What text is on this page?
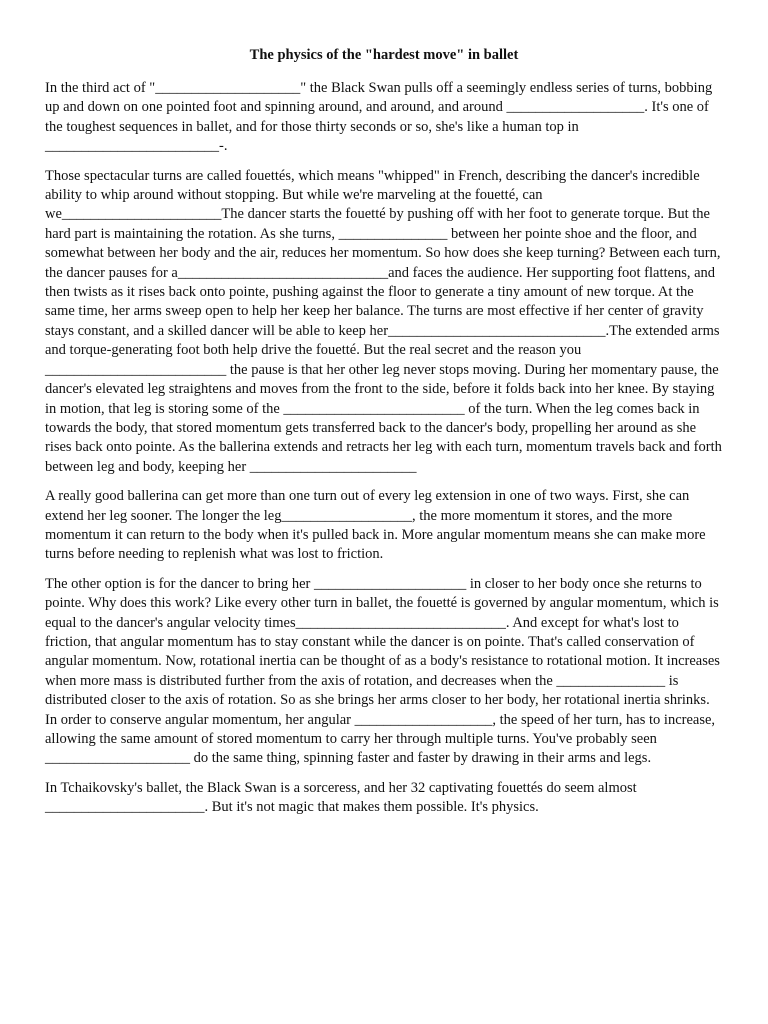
The physics of the "hardest move" in ballet

In the third act of "____________________" the Black Swan pulls off a seemingly endless series of turns, bobbing up and down on one pointed foot and spinning around, and around, and around ___________________. It's one of the toughest sequences in ballet, and for those thirty seconds or so, she's like a human top in ________________________-.

Those spectacular turns are called fouettés, which means "whipped" in French, describing the dancer's incredible ability to whip around without stopping. But while we're marveling at the fouetté, can we______________________The dancer starts the fouetté by pushing off with her foot to generate torque. But the hard part is maintaining the rotation. As she turns, _______________ between her pointe shoe and the floor, and somewhat between her body and the air, reduces her momentum. So how does she keep turning? Between each turn, the dancer pauses for a_____________________________and faces the audience. Her supporting foot flattens, and then twists as it rises back onto pointe, pushing against the floor to generate a tiny amount of new torque. At the same time, her arms sweep open to help her keep her balance. The turns are most effective if her center of gravity stays constant, and a skilled dancer will be able to keep her______________________________.The extended arms and torque-generating foot both help drive the fouetté. But the real secret and the reason you _________________________ the pause is that her other leg never stops moving. During her momentary pause, the dancer's elevated leg straightens and moves from the front to the side, before it folds back into her knee. By staying in motion, that leg is storing some of the _________________________ of the turn. When the leg comes back in towards the body, that stored momentum gets transferred back to the dancer's body, propelling her around as she rises back onto pointe. As the ballerina extends and retracts her leg with each turn, momentum travels back and forth between leg and body, keeping her _______________________

A really good ballerina can get more than one turn out of every leg extension in one of two ways. First, she can extend her leg sooner. The longer the leg__________________, the more momentum it stores, and the more momentum it can return to the body when it's pulled back in. More angular momentum means she can make more turns before needing to replenish what was lost to friction.

The other option is for the dancer to bring her _____________________ in closer to her body once she returns to pointe. Why does this work? Like every other turn in ballet, the fouetté is governed by angular momentum, which is equal to the dancer's angular velocity times_____________________________. And except for what's lost to friction, that angular momentum has to stay constant while the dancer is on pointe. That's called conservation of angular momentum. Now, rotational inertia can be thought of as a body's resistance to rotational motion. It increases when more mass is distributed further from the axis of rotation, and decreases when the _______________ is distributed closer to the axis of rotation. So as she brings her arms closer to her body, her rotational inertia shrinks. In order to conserve angular momentum, her angular ___________________, the speed of her turn, has to increase, allowing the same amount of stored momentum to carry her through multiple turns. You've probably seen ____________________ do the same thing, spinning faster and faster by drawing in their arms and legs.

In Tchaikovsky's ballet, the Black Swan is a sorceress, and her 32 captivating fouettés do seem almost ______________________. But it's not magic that makes them possible. It's physics.
